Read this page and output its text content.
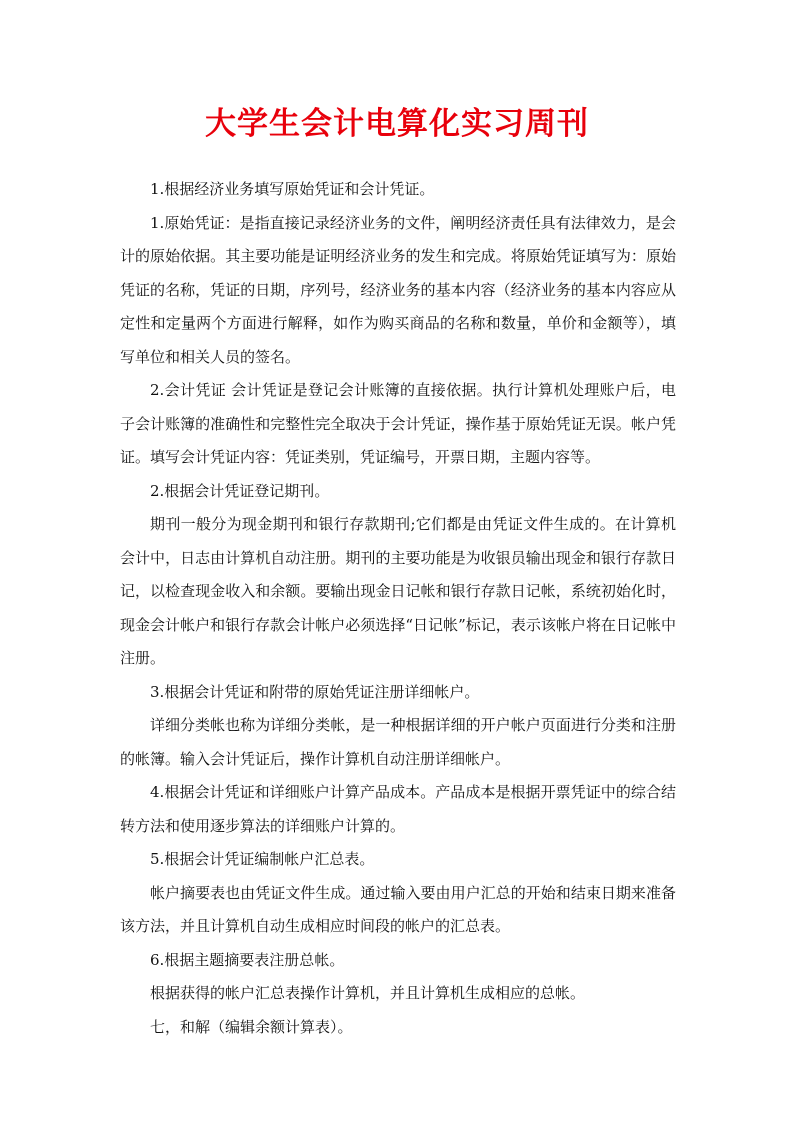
大学生会计电算化实习周刊

1.根据经济业务填写原始凭证和会计凭证。

1.原始凭证：是指直接记录经济业务的文件，阐明经济责任具有法律效力，是会计的原始依据。其主要功能是证明经济业务的发生和完成。将原始凭证填写为：原始凭证的名称，凭证的日期，序列号，经济业务的基本内容（经济业务的基本内容应从定性和定量两个方面进行解释，如作为购买商品的名称和数量，单价和金额等），填写单位和相关人员的签名。

2.会计凭证 会计凭证是登记会计账簿的直接依据。执行计算机处理账户后，电子会计账簿的准确性和完整性完全取决于会计凭证，操作基于原始凭证无误。帐户凭证。填写会计凭证内容：凭证类别，凭证编号，开票日期，主题内容等。

2.根据会计凭证登记期刊。

期刊一般分为现金期刊和银行存款期刊;它们都是由凭证文件生成的。在计算机会计中，日志由计算机自动注册。期刊的主要功能是为收银员输出现金和银行存款日记，以检查现金收入和余额。要输出现金日记帐和银行存款日记帐，系统初始化时，现金会计帐户和银行存款会计帐户必须选择“日记帐”标记，表示该帐户将在日记帐中注册。

3.根据会计凭证和附带的原始凭证注册详细帐户。

详细分类帐也称为详细分类帐，是一种根据详细的开户帐户页面进行分类和注册的帐簿。输入会计凭证后，操作计算机自动注册详细帐户。

4.根据会计凭证和详细账户计算产品成本。产品成本是根据开票凭证中的综合结转方法和使用逐步算法的详细账户计算的。

5.根据会计凭证编制帐户汇总表。

帐户摘要表也由凭证文件生成。通过输入要由用户汇总的开始和结束日期来准备该方法，并且计算机自动生成相应时间段的帐户的汇总表。

6.根据主题摘要表注册总帐。

根据获得的帐户汇总表操作计算机，并且计算机生成相应的总帐。

七，和解（编辑余额计算表）。
